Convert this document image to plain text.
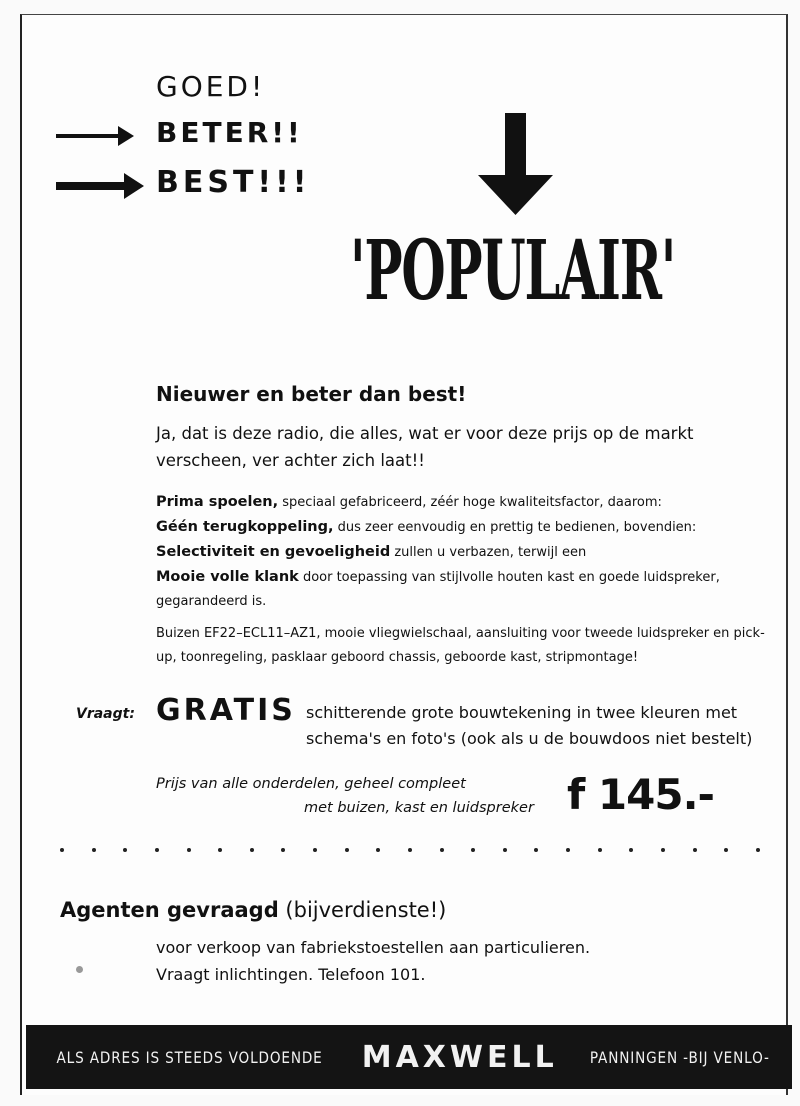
GOED!
BETER!!
BEST!!!
'POPULAIR'
Nieuwer en beter dan best!
Ja, dat is deze radio, die alles, wat er voor deze prijs op de markt verscheen, ver achter zich laat!!
Prima spoelen, speciaal gefabriceerd, zéér hoge kwaliteitsfactor, daarom:
Géén terugkoppeling, dus zeer eenvoudig en prettig te bedienen, bovendien:
Selectiviteit en gevoeligheid zullen u verbazen, terwijl een
Mooie volle klank door toepassing van stijlvolle houten kast en goede luidspreker, gegarandeerd is.
Buizen EF22–ECL11–AZ1, mooie vliegwielschaal, aansluiting voor tweede luidspreker en pick-up, toonregeling, pasklaar geboord chassis, geboorde kast, stripmontage!
Vraagt: GRATIS schitterende grote bouwtekening in twee kleuren met schema's en foto's (ook als u de bouwdoos niet bestelt)
Prijs van alle onderdelen, geheel compleet
met buizen, kast en luidspreker f 145.-
Agenten gevraagd (bijverdienste!)
voor verkoop van fabriekstoestellen aan particulieren.
Vraagt inlichtingen. Telefoon 101.
ALS ADRES IS STEEDS VOLDOENDE MAXWELL PANNINGEN -BIJ VENLO-
